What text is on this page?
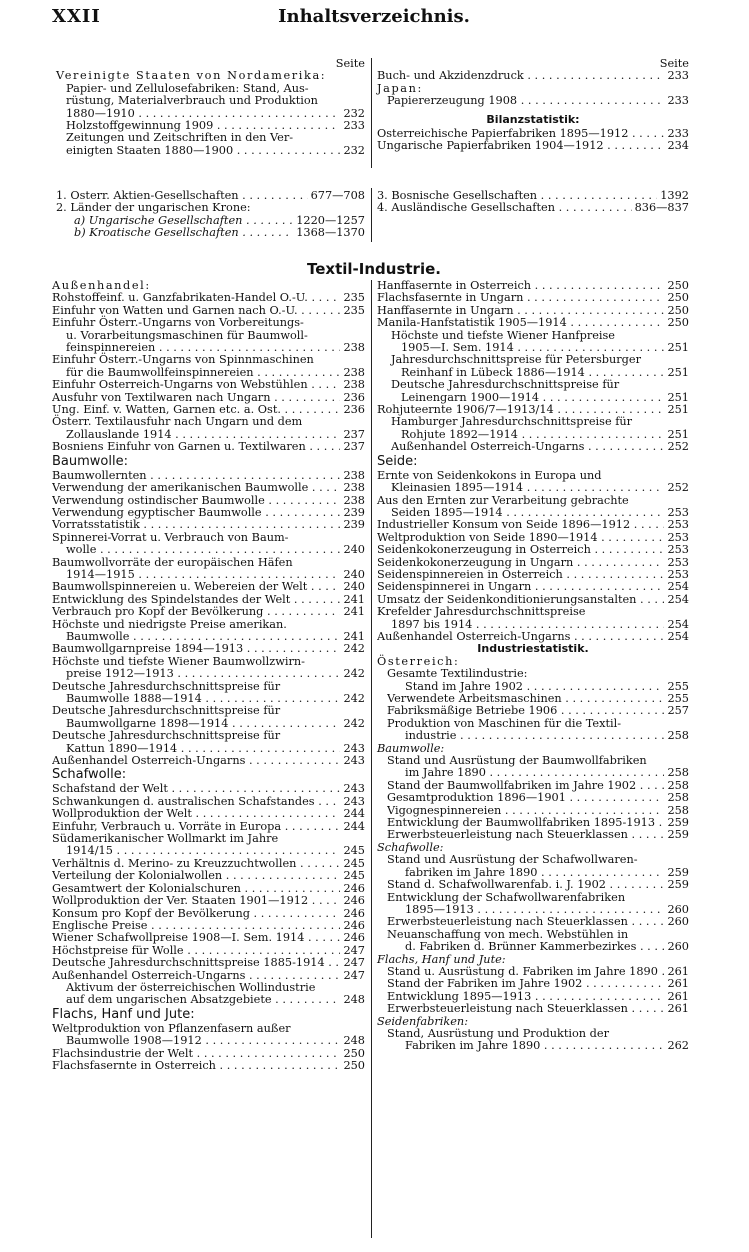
XXII	Inhaltsverzeichnis.
Seite
Vereinigte Staaten von Nordamerika:
Papier- und Zellulosefabriken: Stand, Aus-
rüstung, Materialverbrauch und Produktion
1880—1910 . . .	232
Holzstoffgewinnung 1909 . . .	233
Zeitungen und Zeitschriften in den Ver-
einigten Staaten 1880—1900 . . .	232
Seite
Buch- und Akzidenzdruck . . .	233
Japan:
Papiererzeugung 1908 . . .	233
Bilanzstatistik:
Österreichische Papierfabriken 1895—1912 . . .	233
Ungarische Papierfabriken 1904—1912 . . .	234
1. Österr. Aktien-Gesellschaften . . .	677—708
2. Länder der ungarischen Krone:
a) Ungarische Gesellschaften . . .	1220—1257
b) Kroatische Gesellschaften . . .	1368—1370
3. Bosnische Gesellschaften . . .	1392
4. Ausländische Gesellschaften . . .	836—837
Textil-Industrie.
Außenhandel:
Rohstoffeinf. u. Ganzfabrikaten-Handel Ö.-U. . . .	235
Einfuhr von Watten und Garnen nach Ö.-U. . . .	235
Einfuhr Österr.-Ungarns von Vorbereitungs-
u. Vorarbeitungsmaschinen für Baumwoll-
feinspinnereien . . .	238
Einfuhr Österr.-Ungarns von Spinnmaschinen
für die Baumwollfeinspinnereien . . .	238
Einfuhr Österreich-Ungarns von Webstühlen . . .	238
Ausfuhr von Textilwaren nach Ungarn . . .	236
Ung. Einf. v. Watten, Garnen etc. a. Öst. . . .	236
Österr. Textilausfuhr nach Ungarn und dem
Zollauslande 1914 . . .	237
Bosniens Einfuhr von Garnen u. Textilwaren . . .	237
Baumwolle:
Baumwollernten . . .	238
Verwendung der amerikanischen Baumwolle . . .	238
Verwendung ostindischer Baumwolle . . .	238
Verwendung egyptischer Baumwolle . . .	239
Vorratsstatistik . . .	239
Spinnerei-Vorrat u. Verbrauch von Baum-
wolle . . .	240
Baumwollvorräte der europäischen Häfen
1914—1915 . . .	240
Baumwollspinnereien u. Webereien der Welt . . .	240
Entwicklung des Spindelstandes der Welt . . .	241
Verbrauch pro Kopf der Bevölkerung . . .	241
Höchste und niedrigste Preise amerikan.
Baumwolle . . .	241
Baumwollgarnpreise 1894—1913 . . .	242
Höchste und tiefste Wiener Baumwollzwirn-
preise 1912—1913 . . .	242
Deutsche Jahresdurchschnittspreise für
Baumwolle 1888—1914 . . .	242
Deutsche Jahresdurchschnittspreise für
Baumwollgarne 1898—1914 . . .	242
Deutsche Jahresdurchschnittspreise für
Kattun 1890—1914 . . .	243
Außenhandel Österreich-Ungarns . . .	243
Schafwolle:
Schafstand der Welt . . .	243
Schwankungen d. australischen Schafstandes . . .	243
Wollproduktion der Welt . . .	244
Einfuhr, Verbrauch u. Vorräte in Europa . . .	244
Südamerikanischer Wollmarkt im Jahre
1914/15 . . .	245
Verhältnis d. Merino- zu Kreuzzuchtwollen . . .	245
Verteilung der Kolonialwollen . . .	245
Gesamtwert der Kolonialschuren . . .	246
Wollproduktion der Ver. Staaten 1901—1912 . . .	246
Konsum pro Kopf der Bevölkerung . . .	246
Englische Preise . . .	246
Wiener Schafwollpreise 1908—I. Sem. 1914 . . .	246
Höchstpreise für Wolle . . .	247
Deutsche Jahresdurchschnittspreise 1885-1914 . . .	247
Außenhandel Österreich-Ungarns . . .	247
Aktivum der österreichischen Wollindustrie
auf dem ungarischen Absatzgebiete . . .	248
Flachs, Hanf und Jute:
Weltproduktion von Pflanzenfasern außer
Baumwolle 1908—1912 . . .	248
Flachsindustrie der Welt . . .	250
Flachsfasernte in Österreich . . .	250
Hanffasernte in Österreich . . .	250
Flachsfasernte in Ungarn . . .	250
Hanffasernte in Ungarn . . .	250
Manila-Hanfstatistik 1905—1914 . . .	250
Höchste und tiefste Wiener Hanfpreise
1905—I. Sem. 1914 . . .	251
Jahresdurchschnittspreise für Petersburger
Reinhanf in Lübeck 1886—1914 . . .	251
Deutsche Jahresdurchschnittspreise für
Leinengarn 1900—1914 . . .	251
Rohjuteernte 1906/7—1913/14 . . .	251
Hamburger Jahresdurchschnittspreise für
Rohjute 1892—1914 . . .	251
Außenhandel Österreich-Ungarns . . .	252
Seide:
Ernte von Seidenkokons in Europa und
Kleinasien 1895—1914 . . .	252
Aus den Ernten zur Verarbeitung gebrachte
Seiden 1895—1914 . . .	253
Industrieller Konsum von Seide 1896—1912 . . .	253
Weltproduktion von Seide 1890—1914 . . .	253
Seidenkokonerzeugung in Österreich . . .	253
Seidenkokonerzeugung in Ungarn . . .	253
Seidenspinnereien in Österreich . . .	253
Seidenspinnerei in Ungarn . . .	254
Umsatz der Seidenkonditionierungsanstalten . . .	254
Krefelder Jahresdurchschnittspreise
1897 bis 1914 . . .	254
Außenhandel Österreich-Ungarns . . .	254
Industriestatistik.
Österreich:
Gesamte Textilindustrie:
Stand im Jahre 1902 . . .	255
Verwendete Arbeitsmaschinen . . .	255
Fabriksmäßige Betriebe 1906 . . .	257
Produktion von Maschinen für die Textil-
industrie . . .	258
Baumwolle:
Stand und Ausrüstung der Baumwollfabriken
im Jahre 1890 . . .	258
Stand der Baumwollfabriken im Jahre 1902 . . .	258
Gesamtproduktion 1896—1901 . . .	258
Vigognespinnereien . . .	258
Entwicklung der Baumwollfabriken 1895-1913 . . .	259
Erwerbsteuerleistung nach Steuerklassen . . .	259
Schafwolle:
Stand und Ausrüstung der Schafwollwaren-
fabriken im Jahre 1890 . . .	259
Stand d. Schafwollwarenfab. i. J. 1902 . . .	259
Entwicklung der Schafwollwarenfabriken
1895—1913 . . .	260
Erwerbsteuerleistung nach Steuerklassen . . .	260
Neuanschaffung von mech. Webstühlen in
d. Fabriken d. Brünner Kammerbezirkes . . .	260
Flachs, Hanf und Jute:
Stand u. Ausrüstung d. Fabriken im Jahre 1890 . . . 261
Stand der Fabriken im Jahre 1902 . . .	261
Entwicklung 1895—1913 . . .	261
Erwerbsteuerleistung nach Steuerklassen . . .	261
Seidenfabriken:
Stand, Ausrüstung und Produktion der
Fabriken im Jahre 1890 . . .	262
